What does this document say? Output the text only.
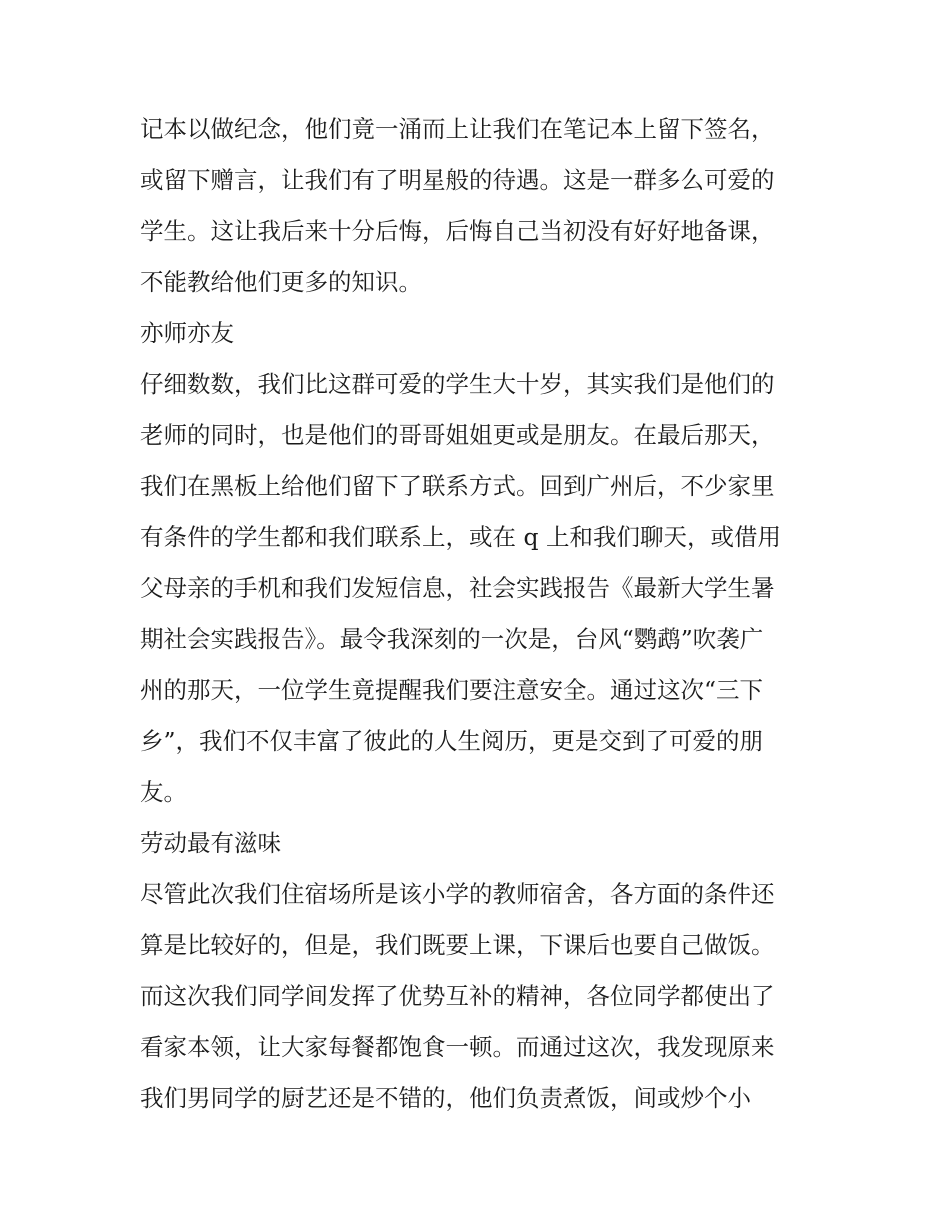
记本以做纪念，他们竟一涌而上让我们在笔记本上留下签名，
或留下赠言，让我们有了明星般的待遇。这是一群多么可爱的
学生。这让我后来十分后悔，后悔自己当初没有好好地备课，
不能教给他们更多的知识。
亦师亦友
仔细数数，我们比这群可爱的学生大十岁，其实我们是他们的
老师的同时，也是他们的哥哥姐姐更或是朋友。在最后那天，
我们在黑板上给他们留下了联系方式。回到广州后，不少家里
有条件的学生都和我们联系上，或在 q 上和我们聊天，或借用
父母亲的手机和我们发短信息，社会实践报告《最新大学生暑
期社会实践报告》。最令我深刻的一次是，台风“鹦鹉”吹袭广
州的那天，一位学生竟提醒我们要注意安全。通过这次“三下
乡”，我们不仅丰富了彼此的人生阅历，更是交到了可爱的朋
友。
劳动最有滋味
尽管此次我们住宿场所是该小学的教师宿舍，各方面的条件还
算是比较好的，但是，我们既要上课，下课后也要自己做饭。
而这次我们同学间发挥了优势互补的精神，各位同学都使出了
看家本领，让大家每餐都饱食一顿。而通过这次，我发现原来
我们男同学的厨艺还是不错的，他们负责煮饭，间或炒个小
